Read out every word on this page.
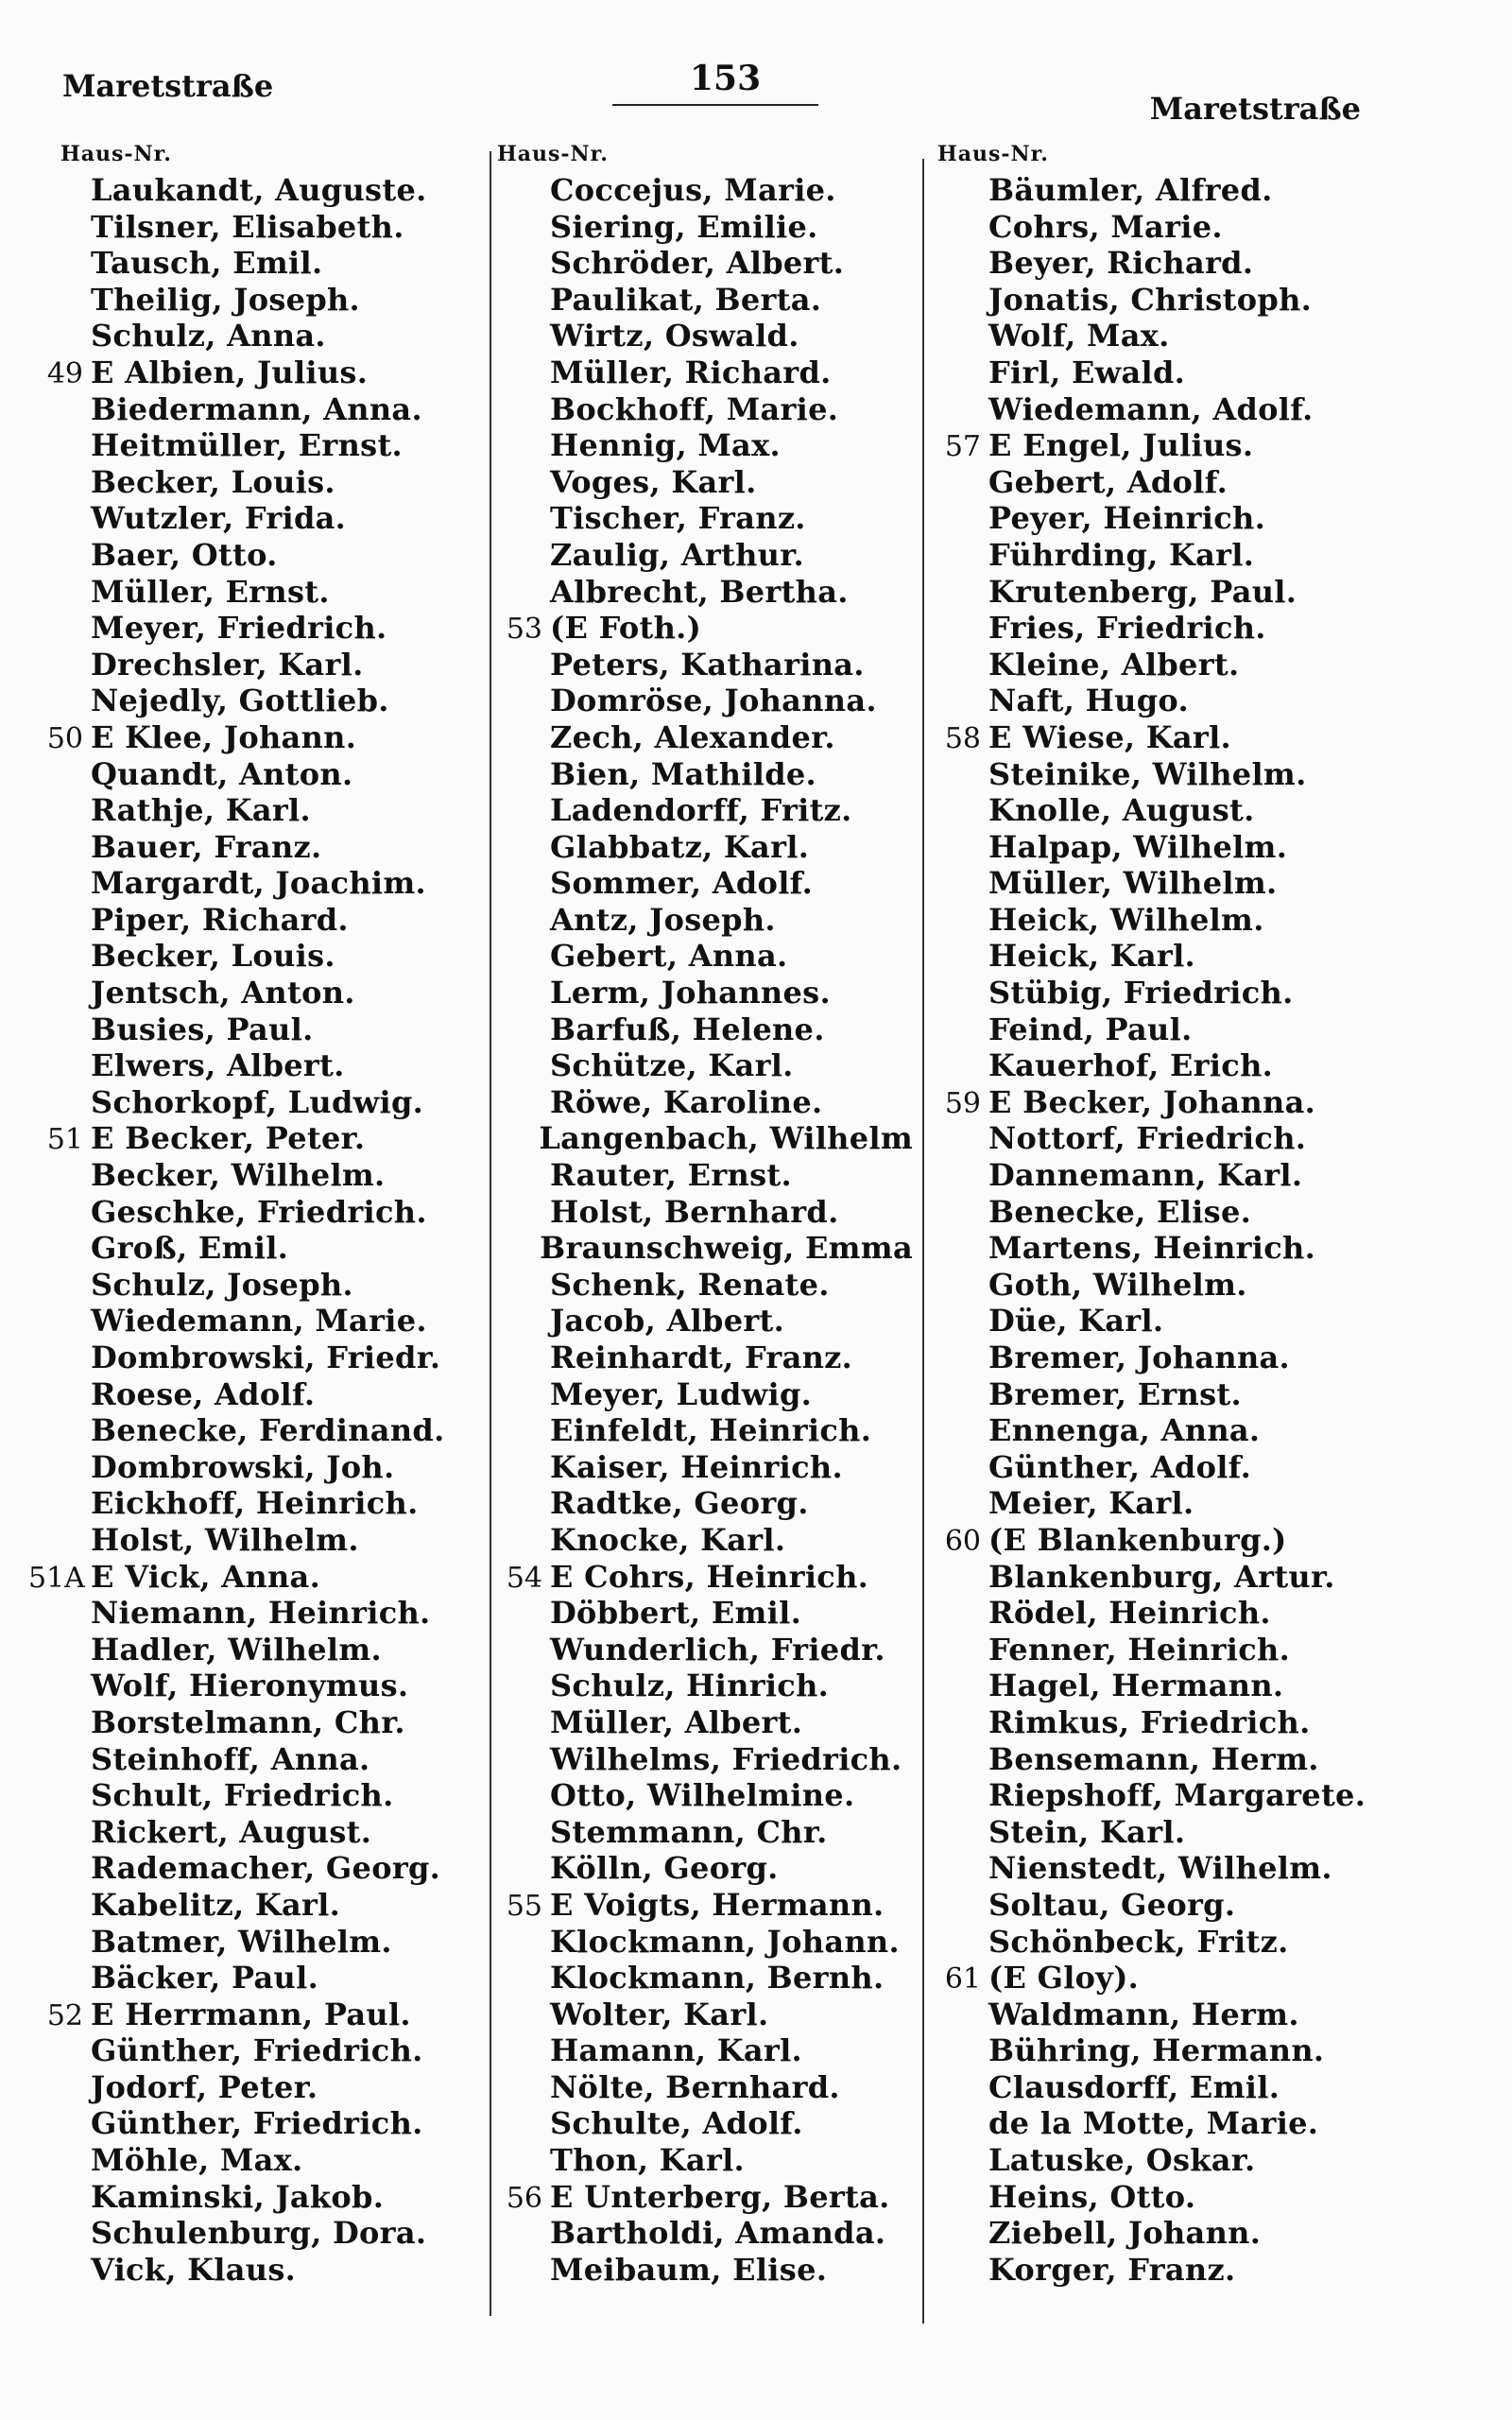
Maretstraße	153
Maretstraße
Haus-Nr.
Laukandt, Auguste.
Tilsner, Elisabeth.
Tausch, Emil.
Theilig, Joseph.
Schulz, Anna.
49 E Albien, Julius.
Biedermann, Anna.
Heitmüller, Ernst.
Becker, Louis.
Wutzler, Frida.
Baer, Otto.
Müller, Ernst.
Meyer, Friedrich.
Drechsler, Karl.
Nejedly, Gottlieb.
50 E Klee, Johann.
Quandt, Anton.
Rathje, Karl.
Bauer, Franz.
Margardt, Joachim.
Piper, Richard.
Becker, Louis.
Jentsch, Anton.
Busies, Paul.
Elwers, Albert.
Schorkopf, Ludwig.
51 E Becker, Peter.
Becker, Wilhelm.
Geschke, Friedrich.
Groß, Emil.
Schulz, Joseph.
Wiedemann, Marie.
Dombrowski, Friedr.
Roese, Adolf.
Benecke, Ferdinand.
Dombrowski, Joh.
Eickhoff, Heinrich.
Holst, Wilhelm.
51A E Vick, Anna.
Niemann, Heinrich.
Hadler, Wilhelm.
Wolf, Hieronymus.
Borstelmann, Chr.
Steinhoff, Anna.
Schult, Friedrich.
Rickert, August.
Rademacher, Georg.
Kabelitz, Karl.
Batmer, Wilhelm.
Bäcker, Paul.
52 E Herrmann, Paul.
Günther, Friedrich.
Jodorf, Peter.
Günther, Friedrich.
Möhle, Max.
Kaminski, Jakob.
Schulenburg, Dora.
Vick, Klaus.
Haus-Nr.
Coccejus, Marie.
Siering, Emilie.
Schröder, Albert.
Paulikat, Berta.
Wirtz, Oswald.
Müller, Richard.
Bockhoff, Marie.
Hennig, Max.
Voges, Karl.
Tischer, Franz.
Zaulig, Arthur.
Albrecht, Bertha.
53 (E Foth.)
Peters, Katharina.
Domröse, Johanna.
Zech, Alexander.
Bien, Mathilde.
Ladendorff, Fritz.
Glabbatz, Karl.
Sommer, Adolf.
Antz, Joseph.
Gebert, Anna.
Lerm, Johannes.
Barfuß, Helene.
Schütze, Karl.
Röwe, Karoline.
Langenbach, Wilhelm
Rauter, Ernst.
Holst, Bernhard.
Braunschweig, Emma
Schenk, Renate.
Jacob, Albert.
Reinhardt, Franz.
Meyer, Ludwig.
Einfeldt, Heinrich.
Kaiser, Heinrich.
Radtke, Georg.
Knocke, Karl.
54 E Cohrs, Heinrich.
Döbbert, Emil.
Wunderlich, Friedr.
Schulz, Hinrich.
Müller, Albert.
Wilhelms, Friedrich.
Otto, Wilhelmine.
Stemmann, Chr.
Kölln, Georg.
55 E Voigts, Hermann.
Klockmann, Johann.
Klockmann, Bernh.
Wolter, Karl.
Hamann, Karl.
Nölte, Bernhard.
Schulte, Adolf.
Thon, Karl.
56 E Unterberg, Berta.
Bartholdi, Amanda.
Meibaum, Elise.
Haus-Nr.
Bäumler, Alfred.
Cohrs, Marie.
Beyer, Richard.
Jonatis, Christoph.
Wolf, Max.
Firl, Ewald.
Wiedemann, Adolf.
57 E Engel, Julius.
Gebert, Adolf.
Peyer, Heinrich.
Führding, Karl.
Krutenberg, Paul.
Fries, Friedrich.
Kleine, Albert.
Naft, Hugo.
58 E Wiese, Karl.
Steinike, Wilhelm.
Knolle, August.
Halpap, Wilhelm.
Müller, Wilhelm.
Heick, Wilhelm.
Heick, Karl.
Stübig, Friedrich.
Feind, Paul.
Kauerhof, Erich.
59 E Becker, Johanna.
Nottorf, Friedrich.
Dannemann, Karl.
Benecke, Elise.
Martens, Heinrich.
Goth, Wilhelm.
Düe, Karl.
Bremer, Johanna.
Bremer, Ernst.
Ennenga, Anna.
Günther, Adolf.
Meier, Karl.
60 (E Blankenburg.)
Blankenburg, Artur.
Rödel, Heinrich.
Fenner, Heinrich.
Hagel, Hermann.
Rimkus, Friedrich.
Bensemann, Herm.
Riepshoff, Margarete.
Stein, Karl.
Nienstedt, Wilhelm.
Soltau, Georg.
Schönbeck, Fritz.
61 (E Gloy).
Waldmann, Herm.
Bühring, Hermann.
Clausdorff, Emil.
de la Motte, Marie.
Latuske, Oskar.
Heins, Otto.
Ziebell, Johann.
Korger, Franz.
